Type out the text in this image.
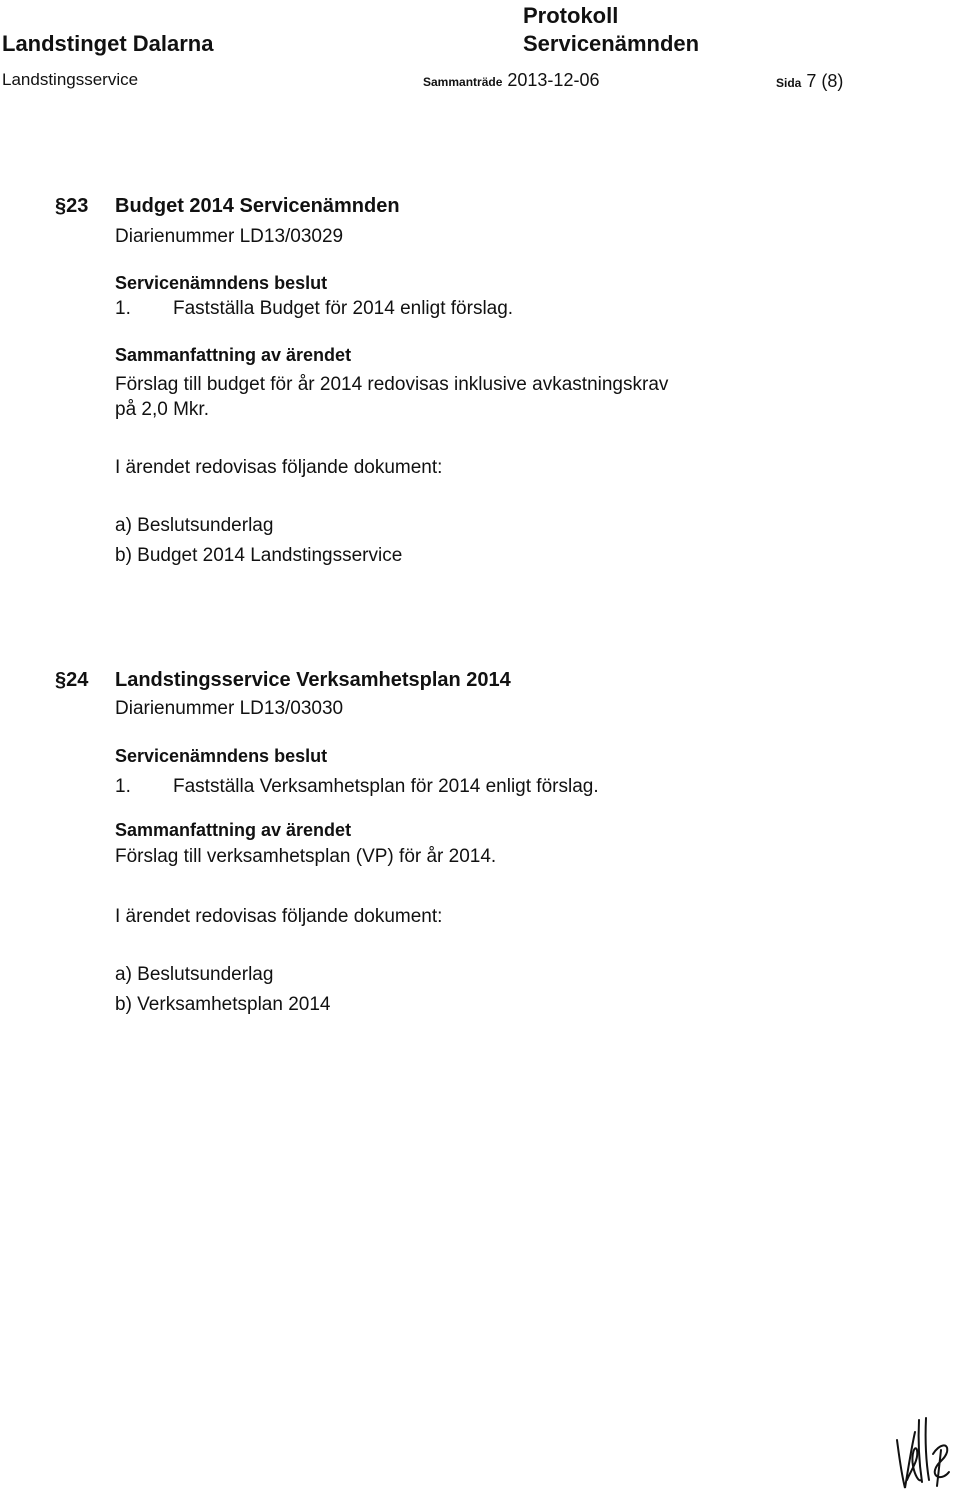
Landstinget Dalarna
Protokoll
Servicenämnden
Landstingsservice	Sammanträde 2013-12-06	Sida 7 (8)
§23 Budget 2014 Servicenämnden
Diarienummer LD13/03029
Servicenämndens beslut
1. Fastställa Budget för 2014 enligt förslag.
Sammanfattning av ärendet
Förslag till budget för år 2014 redovisas inklusive avkastningskrav
på 2,0 Mkr.
I ärendet redovisas följande dokument:
a) Beslutsunderlag
b) Budget 2014 Landstingsservice
§24 Landstingsservice Verksamhetsplan 2014
Diarienummer LD13/03030
Servicenämndens beslut
1. Fastställa Verksamhetsplan för 2014 enligt förslag.
Sammanfattning av ärendet
Förslag till verksamhetsplan (VP) för år 2014.
I ärendet redovisas följande dokument:
a) Beslutsunderlag
b) Verksamhetsplan 2014
